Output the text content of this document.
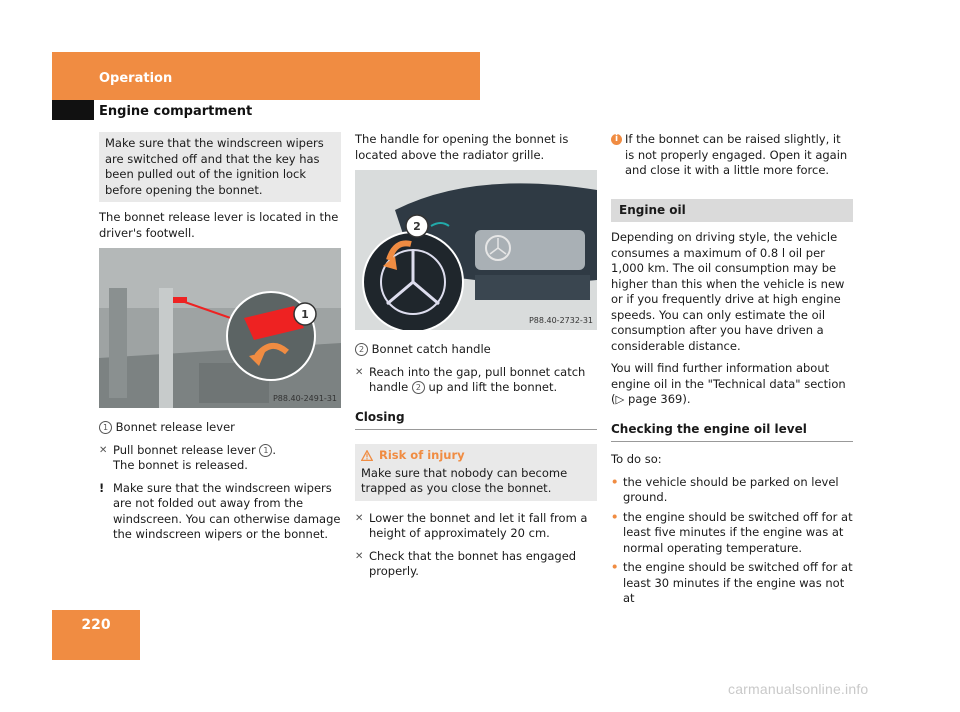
Operation
Engine compartment
Make sure that the windscreen wipers are switched off and that the key has been pulled out of the ignition lock before opening the bonnet.

The bonnet release lever is located in the driver's footwell.

1
P88.40-2491-31

1 Bonnet release lever

✕ Pull bonnet release lever 1 .
The bonnet is released.
! Make sure that the windscreen wipers are not folded out away from the windscreen. You can otherwise damage the windscreen wipers or the bonnet.

The handle for opening the bonnet is located above the radiator grille.

2
P88.40-2732-31

2 Bonnet catch handle

✕ Reach into the gap, pull bonnet catch handle 2 up and lift the bonnet.
Closing
Risk of injury
Make sure that nobody can become trapped as you close the bonnet.
✕ Lower the bonnet and let it fall from a height of approximately 20 cm.
✕ Check that the bonnet has engaged properly.
i If the bonnet can be raised slightly, it is not properly engaged. Open it again and close it with a little more force.
Engine oil

Depending on driving style, the vehicle consumes a maximum of 0.8 l oil per 1,000 km. The oil consumption may be higher than this when the vehicle is new or if you frequently drive at high engine speeds. You can only estimate the oil consumption after you have driven a considerable distance.

You will find further information about engine oil in the "Technical data" section
(▷ page 369).

Checking the engine oil level

To do so:

• the vehicle should be parked on level ground.
• the engine should be switched off for at least five minutes if the engine was at normal operating temperature.
• the engine should be switched off for at least 30 minutes if the engine was not at
220
carmanualsonline.info
